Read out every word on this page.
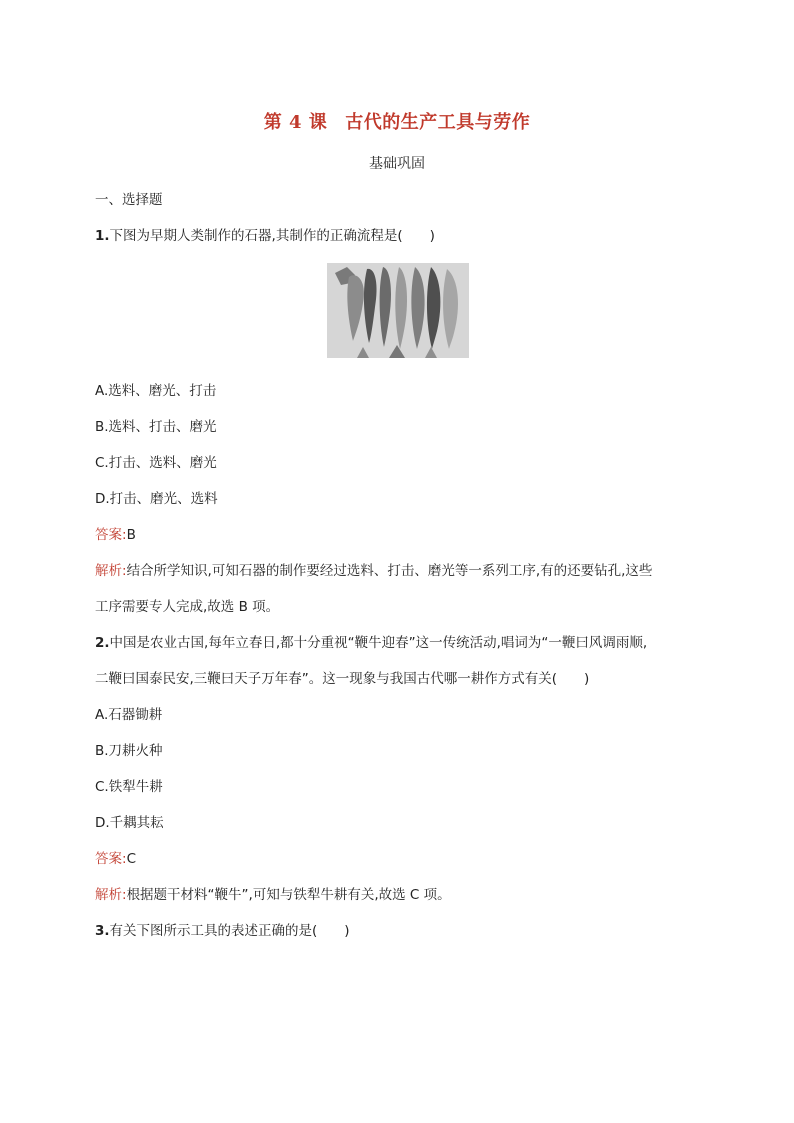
第 4 课 古代的生产工具与劳作
基础巩固
一、选择题
1.下图为早期人类制作的石器,其制作的正确流程是(　　)
A.选料、磨光、打击
B.选料、打击、磨光
C.打击、选料、磨光
D.打击、磨光、选料
答案:B
解析:结合所学知识,可知石器的制作要经过选料、打击、磨光等一系列工序,有的还要钻孔,这些
工序需要专人完成,故选 B 项。
2.中国是农业古国,每年立春日,都十分重视“鞭牛迎春”这一传统活动,唱词为“一鞭曰风调雨顺,
二鞭曰国泰民安,三鞭曰天子万年春”。这一现象与我国古代哪一耕作方式有关(　　)
A.石器锄耕
B.刀耕火种
C.铁犁牛耕
D.千耦其耘
答案:C
解析:根据题干材料“鞭牛”,可知与铁犁牛耕有关,故选 C 项。
3.有关下图所示工具的表述正确的是(　　)
